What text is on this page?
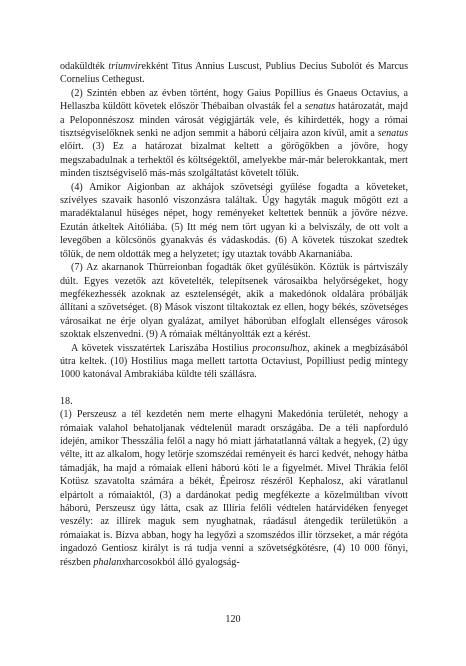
odaküldték triumvirekként Titus Annius Luscust, Publius Decius Subolót és Marcus Cornelius Cethegust.

(2) Szintén ebben az évben történt, hogy Gaius Popillius és Gnaeus Octavius, a Hellaszba küldött követek először Thébaiban olvasták fel a senatus határozatát, majd a Peloponnészosz minden városát végigjárták vele, és kihirdették, hogy a római tisztségviselőknek senki ne adjon semmit a háború céljaira azon kívül, amit a senatus előírt. (3) Ez a határozat bizalmat keltett a görögökben a jövőre, hogy megszabadulnak a terhektől és költségektől, amelyekbe már-már belerokkantak, mert minden tisztségviselő más-más szolgáltatást követelt tőlük.

(4) Amikor Aigionban az akhájok szövetségi gyűlése fogadta a követeket, szívélyes szavaik hasonló viszonzásra találtak. Úgy hagyták maguk mögött ezt a maradéktalanul hűséges népet, hogy reményeket keltettek bennük a jövőre nézve. Ezután átkeltek Aitóliába. (5) Itt még nem tört ugyan ki a belviszály, de ott volt a levegőben a kölcsönös gyanakvás és vádaskodás. (6) A követek túszokat szedtek tőlük, de nem oldották meg a helyzetet; így utaztak tovább Akarnaniába.

(7) Az akarnanok Thürreionban fogadták őket gyűlésükön. Köztük is pártviszály dúlt. Egyes vezetők azt követelték, telepítsenek városaikba helyőrségeket, hogy megfékezhessék azoknak az esztelenségét, akik a makedónok oldalára próbálják állítani a szövetséget. (8) Mások viszont tiltakoztak ez ellen, hogy békés, szövetséges városaikat ne érje olyan gyalázat, amilyet háborúban elfoglalt ellenséges városok szoktak elszenvedni. (9) A rómaiak méltányoltták ezt a kérést.

A követek visszatértek Lariszába Hostilius proconsulhoz, akinek a megbízásából útra keltek. (10) Hostilius maga mellett tartotta Octaviust, Popilliust pedig mintegy 1000 katonával Ambrakiába küldte téli szállásra.

18.

(1) Perszeusz a tél kezdetén nem merte elhagyni Makedónia területét, nehogy a rómaiak valahol behatoljanak védtelenül maradt országába. De a téli napforduló idején, amikor Thesszália felől a nagy hó miatt járhatatlanná váltak a hegyek, (2) úgy vélte, itt az alkalom, hogy letörje szomszédai reményeit és harci kedvét, nehogy hátba támadják, ha majd a rómaiak elleni háború köti le a figyelmét. Mivel Thrákia felől Kotüsz szavatolta számára a békét, Épeirosz részéről Kephalosz, aki váratlanul elpártolt a rómaiaktól, (3) a dardánokat pedig megfékezte a közelmúltban vívott háború, Perszeusz úgy látta, csak az Illíria felőli védtelen határvidéken fenyeget veszély: az illírek maguk sem nyughatnak, ráadásul átengedik területükön a rómaiakat is. Bízva abban, hogy ha legyőzi a szomszédos illír törzseket, a már régóta ingadozó Gentiosz királyt is rá tudja venni a szövetségkötésre, (4) 10 000 főnyi, részben phalanxharcosokból álló gyalogság-

120
